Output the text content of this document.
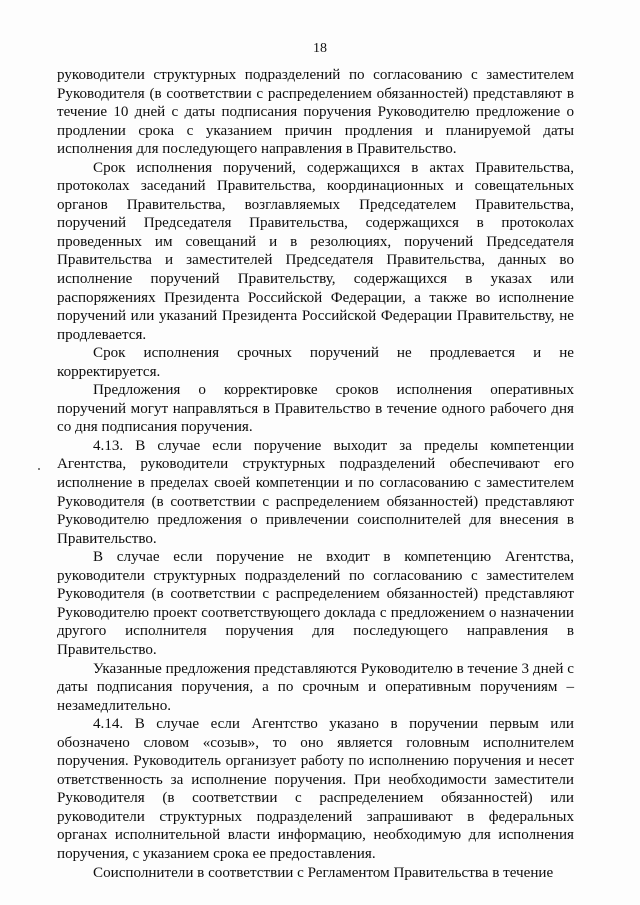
18

руководители структурных подразделений по согласованию с заместителем Руководителя (в соответствии с распределением обязанностей) представляют в течение 10 дней с даты подписания поручения Руководителю предложение о продлении срока с указанием причин продления и планируемой даты исполнения для последующего направления в Правительство.

Срок исполнения поручений, содержащихся в актах Правительства, протоколах заседаний Правительства, координационных и совещательных органов Правительства, возглавляемых Председателем Правительства, поручений Председателя Правительства, содержащихся в протоколах проведенных им совещаний и в резолюциях, поручений Председателя Правительства и заместителей Председателя Правительства, данных во исполнение поручений Правительству, содержащихся в указах или распоряжениях Президента Российской Федерации, а также во исполнение поручений или указаний Президента Российской Федерации Правительству, не продлевается.

Срок исполнения срочных поручений не продлевается и не корректируется.

Предложения о корректировке сроков исполнения оперативных поручений могут направляться в Правительство в течение одного рабочего дня со дня подписания поручения.

4.13. В случае если поручение выходит за пределы компетенции Агентства, руководители структурных подразделений обеспечивают его исполнение в пределах своей компетенции и по согласованию с заместителем Руководителя (в соответствии с распределением обязанностей) представляют Руководителю предложения о привлечении соисполнителей для внесения в Правительство.

В случае если поручение не входит в компетенцию Агентства, руководители структурных подразделений по согласованию с заместителем Руководителя (в соответствии с распределением обязанностей) представляют Руководителю проект соответствующего доклада с предложением о назначении другого исполнителя поручения для последующего направления в Правительство.

Указанные предложения представляются Руководителю в течение 3 дней с даты подписания поручения, а по срочным и оперативным поручениям – незамедлительно.

4.14. В случае если Агентство указано в поручении первым или обозначено словом «созыв», то оно является головным исполнителем поручения. Руководитель организует работу по исполнению поручения и несет ответственность за исполнение поручения. При необходимости заместители Руководителя (в соответствии с распределением обязанностей) или руководители структурных подразделений запрашивают в федеральных органах исполнительной власти информацию, необходимую для исполнения поручения, с указанием срока ее предоставления.

Соисполнители в соответствии с Регламентом Правительства в течение
